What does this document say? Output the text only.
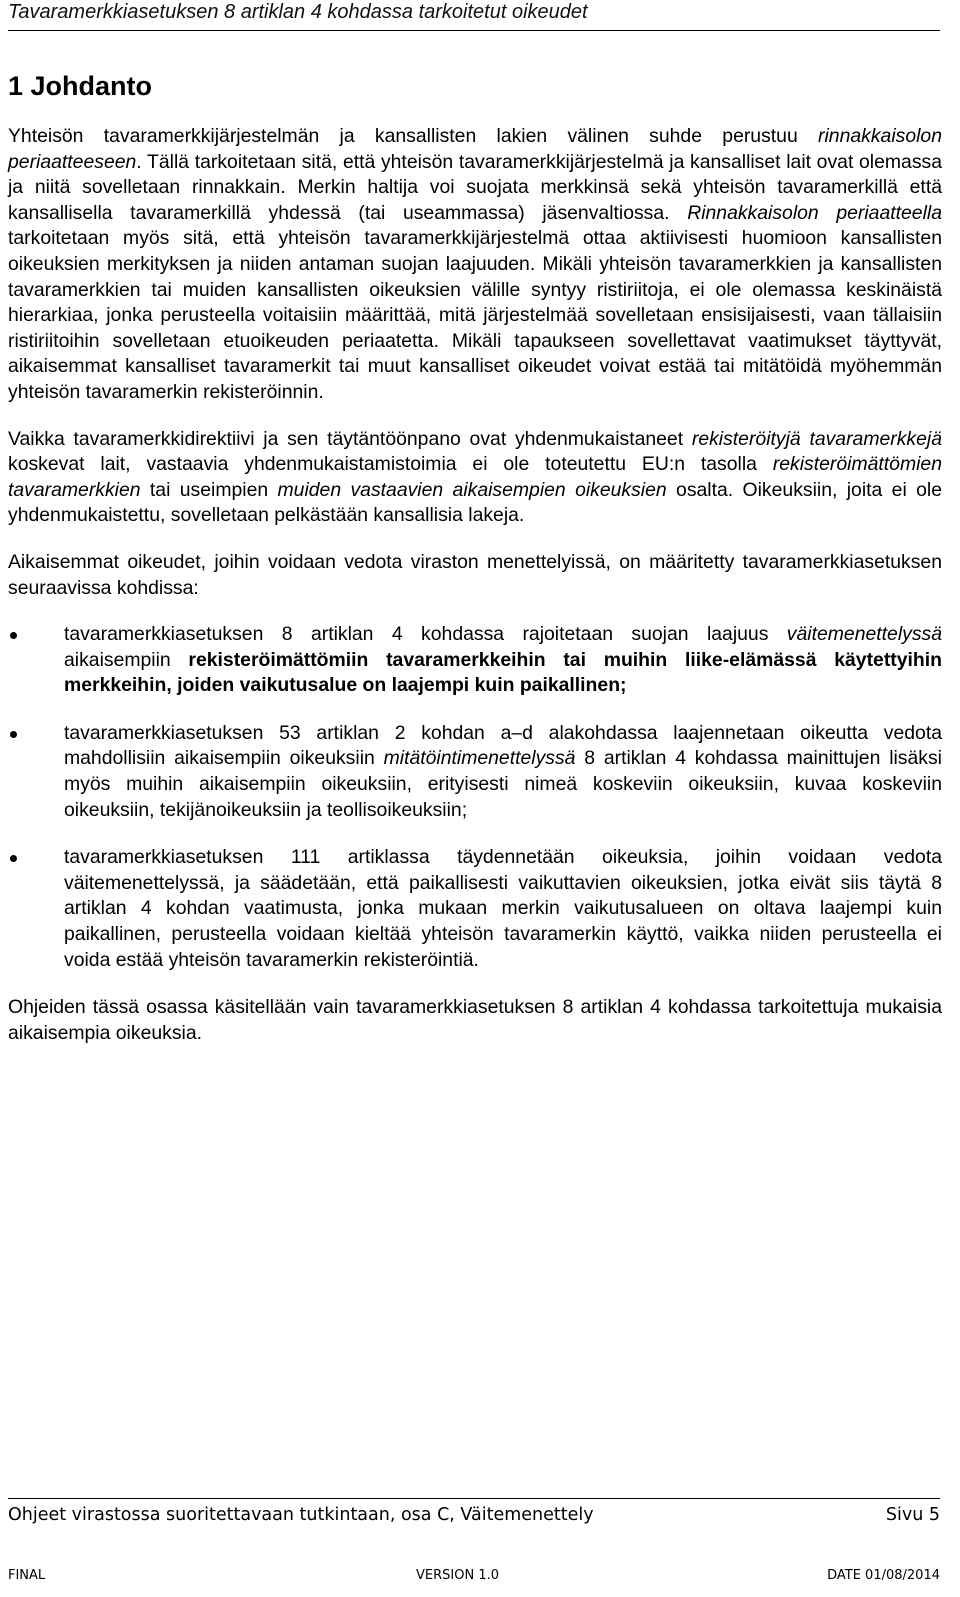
Tavaramerkkiasetuksen 8 artiklan 4 kohdassa tarkoitetut oikeudet
1 Johdanto

Yhteisön tavaramerkkijärjestelmän ja kansallisten lakien välinen suhde perustuu rinnakkaisolon periaatteeseen. Tällä tarkoitetaan sitä, että yhteisön tavaramerkkijärjestelmä ja kansalliset lait ovat olemassa ja niitä sovelletaan rinnakkain. Merkin haltija voi suojata merkkinsä sekä yhteisön tavaramerkillä että kansallisella tavaramerkillä yhdessä (tai useammassa) jäsenvaltiossa. Rinnakkaisolon periaatteella tarkoitetaan myös sitä, että yhteisön tavaramerkkijärjestelmä ottaa aktiivisesti huomioon kansallisten oikeuksien merkityksen ja niiden antaman suojan laajuuden. Mikäli yhteisön tavaramerkkien ja kansallisten tavaramerkkien tai muiden kansallisten oikeuksien välille syntyy ristiriitoja, ei ole olemassa keskinäistä hierarkiaa, jonka perusteella voitaisiin määrittää, mitä järjestelmää sovelletaan ensisijaisesti, vaan tällaisiin ristiriitoihin sovelletaan etuoikeuden periaatetta. Mikäli tapaukseen sovellettavat vaatimukset täyttyvät, aikaisemmat kansalliset tavaramerkit tai muut kansalliset oikeudet voivat estää tai mitätöidä myöhemmän yhteisön tavaramerkin rekisteröinnin.

Vaikka tavaramerkkidirektiivi ja sen täytäntöönpano ovat yhdenmukaistaneet rekisteröityjä tavaramerkkejä koskevat lait, vastaavia yhdenmukaistamistoimia ei ole toteutettu EU:n tasolla rekisteröimättömien tavaramerkkien tai useimpien muiden vastaavien aikaisempien oikeuksien osalta. Oikeuksiin, joita ei ole yhdenmukaistettu, sovelletaan pelkästään kansallisia lakeja.

Aikaisemmat oikeudet, joihin voidaan vedota viraston menettelyissä, on määritetty tavaramerkkiasetuksen seuraavissa kohdissa:

tavaramerkkiasetuksen 8 artiklan 4 kohdassa rajoitetaan suojan laajuus väitemenettelyssä aikaisempiin rekisteröimättömiin tavaramerkkeihin tai muihin liike-elämässä käytettyihin merkkeihin, joiden vaikutusalue on laajempi kuin paikallinen;
tavaramerkkiasetuksen 53 artiklan 2 kohdan a–d alakohdassa laajennetaan oikeutta vedota mahdollisiin aikaisempiin oikeuksiin mitätöintimenettelyssä 8 artiklan 4 kohdassa mainittujen lisäksi myös muihin aikaisempiin oikeuksiin, erityisesti nimeä koskeviin oikeuksiin, kuvaa koskeviin oikeuksiin, tekijänoikeuksiin ja teollisoikeuksiin;
tavaramerkkiasetuksen 111 artiklassa täydennetään oikeuksia, joihin voidaan vedota väitemenettelyssä, ja säädetään, että paikallisesti vaikuttavien oikeuksien, jotka eivät siis täytä 8 artiklan 4 kohdan vaatimusta, jonka mukaan merkin vaikutusalueen on oltava laajempi kuin paikallinen, perusteella voidaan kieltää yhteisön tavaramerkin käyttö, vaikka niiden perusteella ei voida estää yhteisön tavaramerkin rekisteröintiä.

Ohjeiden tässä osassa käsitellään vain tavaramerkkiasetuksen 8 artiklan 4 kohdassa tarkoitettuja mukaisia aikaisempia oikeuksia.

Ohjeet virastossa suoritettavaan tutkintaan, osa C, Väitemenettely	Sivu 5
FINAL	VERSION 1.0	DATE 01/08/2014
